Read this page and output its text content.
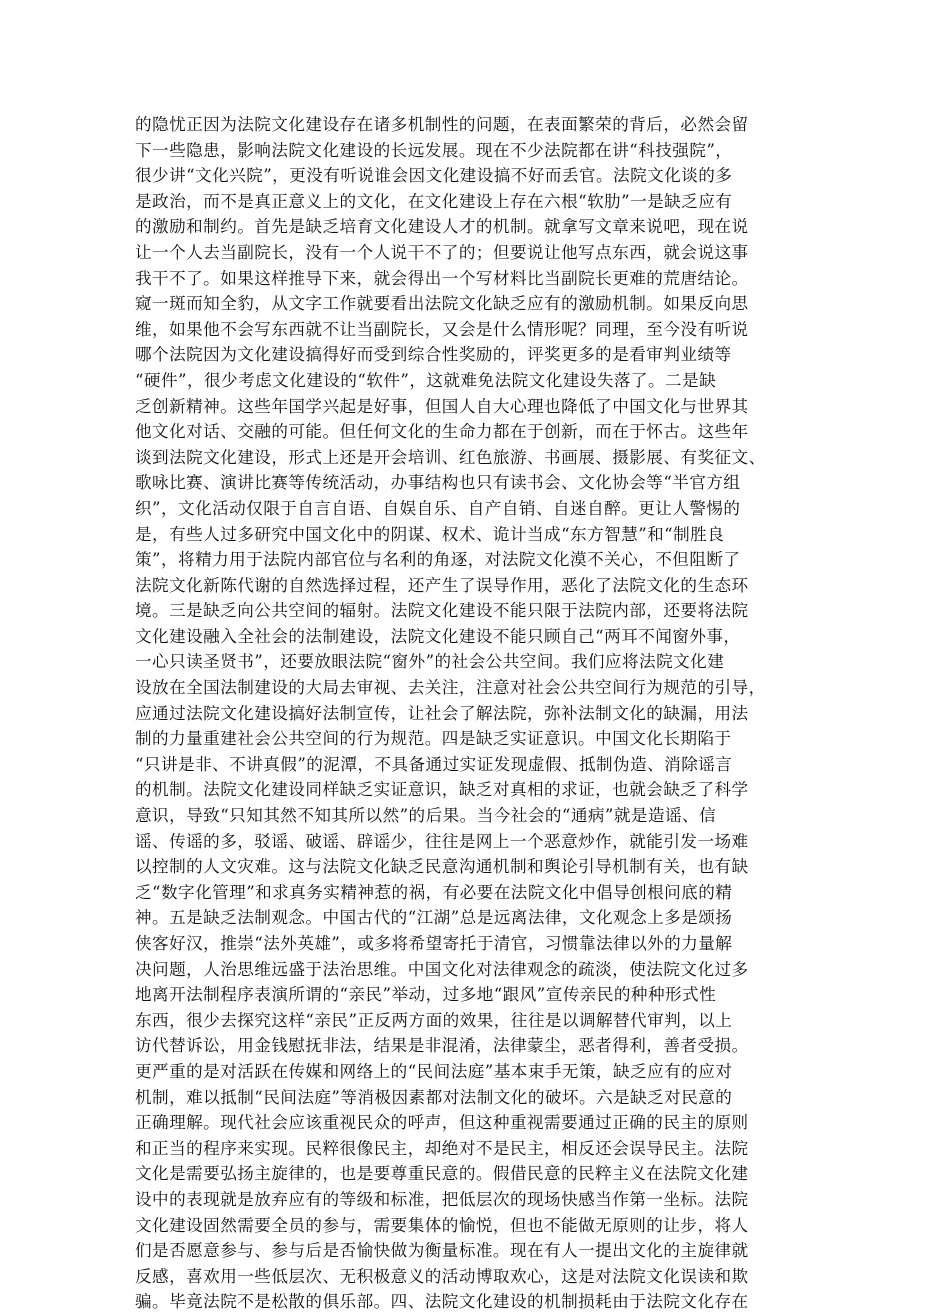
的隐忧正因为法院文化建设存在诸多机制性的问题，在表面繁荣的背后，必然会留
下一些隐患，影响法院文化建设的长远发展。现在不少法院都在讲“科技强院”，
很少讲“文化兴院”，更没有听说谁会因文化建设搞不好而丢官。法院文化谈的多
是政治，而不是真正意义上的文化，在文化建设上存在六根“软肋”一是缺乏应有
的激励和制约。首先是缺乏培育文化建设人才的机制。就拿写文章来说吧，现在说
让一个人去当副院长，没有一个人说干不了的；但要说让他写点东西，就会说这事
我干不了。如果这样推导下来，就会得出一个写材料比当副院长更难的荒唐结论。
窥一斑而知全豹，从文字工作就要看出法院文化缺乏应有的激励机制。如果反向思
维，如果他不会写东西就不让当副院长，又会是什么情形呢？同理，至今没有听说
哪个法院因为文化建设搞得好而受到综合性奖励的，评奖更多的是看审判业绩等
“硬件”，很少考虑文化建设的“软件”，这就难免法院文化建设失落了。二是缺
乏创新精神。这些年国学兴起是好事，但国人自大心理也降低了中国文化与世界其
他文化对话、交融的可能。但任何文化的生命力都在于创新，而在于怀古。这些年
谈到法院文化建设，形式上还是开会培训、红色旅游、书画展、摄影展、有奖征文、
歌咏比赛、演讲比赛等传统活动，办事结构也只有读书会、文化协会等“半官方组
织”，文化活动仅限于自言自语、自娱自乐、自产自销、自迷自醉。更让人警惕的
是，有些人过多研究中国文化中的阴谋、权术、诡计当成“东方智慧”和“制胜良
策”，将精力用于法院内部官位与名利的角逐，对法院文化漠不关心，不但阻断了
法院文化新陈代谢的自然选择过程，还产生了误导作用，恶化了法院文化的生态环
境。三是缺乏向公共空间的辐射。法院文化建设不能只限于法院内部，还要将法院
文化建设融入全社会的法制建设，法院文化建设不能只顾自己“两耳不闻窗外事，
一心只读圣贤书”，还要放眼法院“窗外”的社会公共空间。我们应将法院文化建
设放在全国法制建设的大局去审视、去关注，注意对社会公共空间行为规范的引导，
应通过法院文化建设搞好法制宣传，让社会了解法院，弥补法制文化的缺漏，用法
制的力量重建社会公共空间的行为规范。四是缺乏实证意识。中国文化长期陷于
“只讲是非、不讲真假”的泥潭，不具备通过实证发现虚假、抵制伪造、消除谣言
的机制。法院文化建设同样缺乏实证意识，缺乏对真相的求证，也就会缺乏了科学
意识，导致“只知其然不知其所以然”的后果。当今社会的“通病”就是造谣、信
谣、传谣的多，驳谣、破谣、辟谣少，往往是网上一个恶意炒作，就能引发一场难
以控制的人文灾难。这与法院文化缺乏民意沟通机制和舆论引导机制有关，也有缺
乏“数字化管理”和求真务实精神惹的祸，有必要在法院文化中倡导创根问底的精
神。五是缺乏法制观念。中国古代的“江湖”总是远离法律，文化观念上多是颂扬
侠客好汉，推崇“法外英雄”，或多将希望寄托于清官，习惯靠法律以外的力量解
决问题，人治思维远盛于法治思维。中国文化对法律观念的疏淡，使法院文化过多
地离开法制程序表演所谓的“亲民”举动，过多地“跟风”宣传亲民的种种形式性
东西，很少去探究这样“亲民”正反两方面的效果，往往是以调解替代审判，以上
访代替诉讼，用金钱慰抚非法，结果是非混淆，法律蒙尘，恶者得利，善者受损。
更严重的是对活跃在传媒和网络上的“民间法庭”基本束手无策，缺乏应有的应对
机制，难以抵制“民间法庭”等消极因素都对法制文化的破坏。六是缺乏对民意的
正确理解。现代社会应该重视民众的呼声，但这种重视需要通过正确的民主的原则
和正当的程序来实现。民粹很像民主，却绝对不是民主，相反还会误导民主。法院
文化是需要弘扬主旋律的，也是要尊重民意的。假借民意的民粹主义在法院文化建
设中的表现就是放弃应有的等级和标准，把低层次的现场快感当作第一坐标。法院
文化建设固然需要全员的参与，需要集体的愉悦，但也不能做无原则的让步，将人
们是否愿意参与、参与后是否愉快做为衡量标准。现在有人一提出文化的主旋律就
反感，喜欢用一些低层次、无积极意义的活动博取欢心，这是对法院文化误读和欺
骗。毕竟法院不是松散的俱乐部。四、法院文化建设的机制损耗由于法院文化存在
